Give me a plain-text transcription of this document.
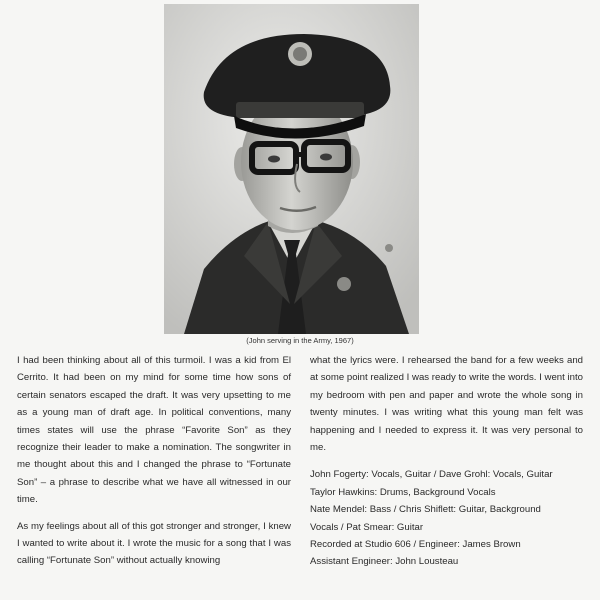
(John serving in the Army, 1967)

I had been thinking about all of this turmoil. I was a kid from El Cerrito. It had been on my mind for some time how sons of certain senators escaped the draft. It was very upsetting to me as a young man of draft age. In political conventions, many times states will use the phrase “Favorite Son” as they recognize their leader to make a nomination. The songwriter in me thought about this and I changed the phrase to “Fortunate Son” – a phrase to describe what we have all witnessed in our time.

As my feelings about all of this got stronger and stronger, I knew I wanted to write about it. I wrote the music for a song that I was calling “Fortunate Son” without actually knowing

what the lyrics were. I rehearsed the band for a few weeks and at some point realized I was ready to write the words. I went into my bedroom with pen and paper and wrote the whole song in twenty minutes. I was writing what this young man felt was happening and I needed to express it. It was very personal to me.

John Fogerty: Vocals, Guitar / Dave Grohl: Vocals, Guitar
Taylor Hawkins: Drums, Background Vocals
Nate Mendel: Bass / Chris Shiflett: Guitar, Background
Vocals / Pat Smear: Guitar
Recorded at Studio 606 / Engineer: James Brown
Assistant Engineer: John Lousteau
